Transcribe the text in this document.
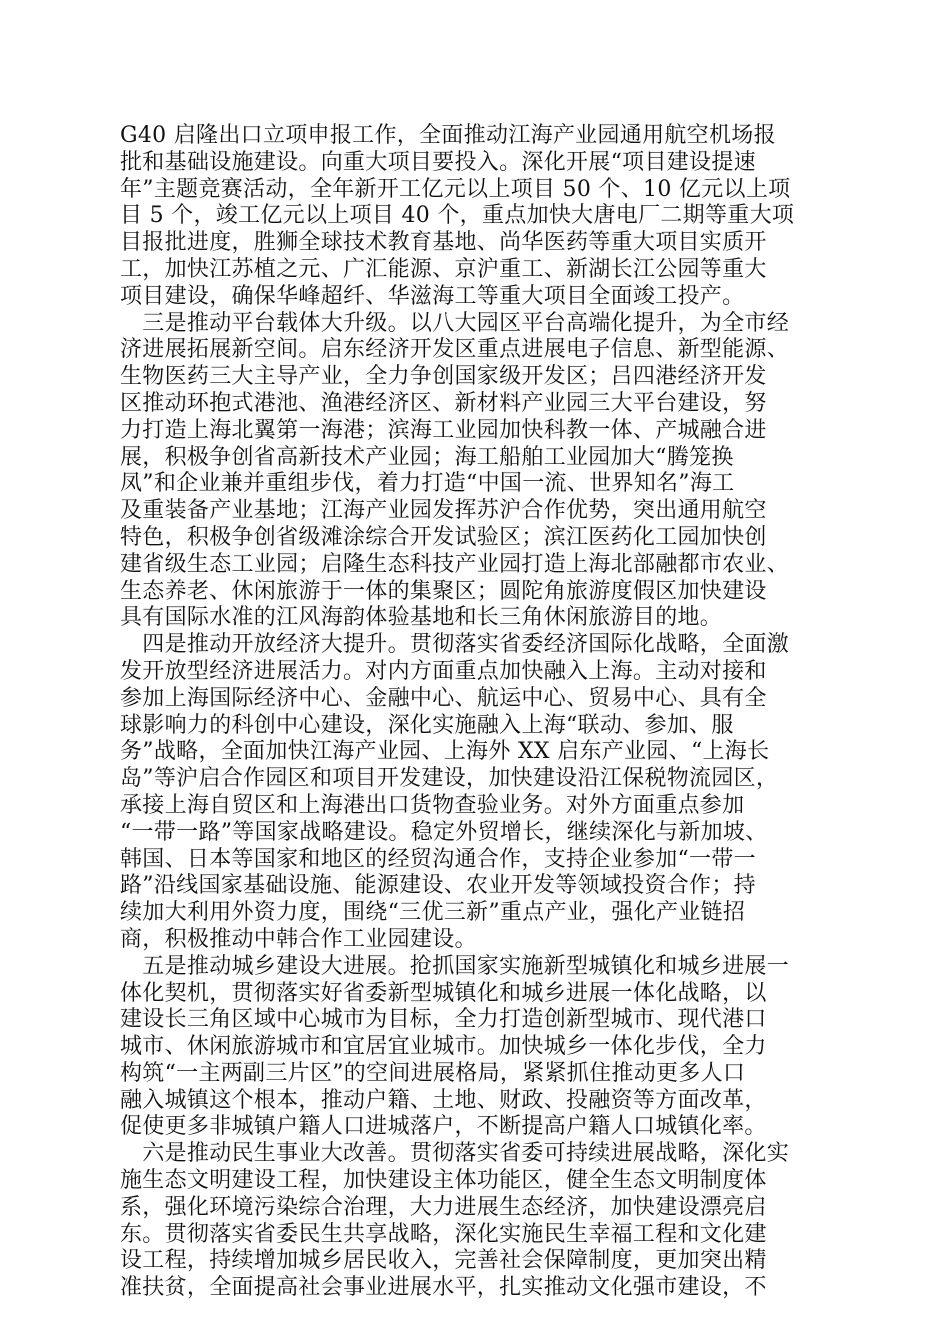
G40 启隆出口立项申报工作，全面推动江海产业园通用航空机场报
批和基础设施建设。向重大项目要投入。深化开展“项目建设提速
年”主题竞赛活动，全年新开工亿元以上项目 50 个、10 亿元以上项
目 5 个，竣工亿元以上项目 40 个，重点加快大唐电厂二期等重大项
目报批进度，胜狮全球技术教育基地、尚华医药等重大项目实质开
工，加快江苏植之元、广汇能源、京沪重工、新湖长江公园等重大
项目建设，确保华峰超纤、华滋海工等重大项目全面竣工投产。
　三是推动平台载体大升级。以八大园区平台高端化提升，为全市经
济进展拓展新空间。启东经济开发区重点进展电子信息、新型能源、
生物医药三大主导产业，全力争创国家级开发区；吕四港经济开发
区推动环抱式港池、渔港经济区、新材料产业园三大平台建设，努
力打造上海北翼第一海港；滨海工业园加快科教一体、产城融合进
展，积极争创省高新技术产业园；海工船舶工业园加大“腾笼换
凤”和企业兼并重组步伐，着力打造“中国一流、世界知名”海工
及重装备产业基地；江海产业园发挥苏沪合作优势，突出通用航空
特色，积极争创省级滩涂综合开发试验区；滨江医药化工园加快创
建省级生态工业园；启隆生态科技产业园打造上海北部融都市农业、
生态养老、休闲旅游于一体的集聚区；圆陀角旅游度假区加快建设
具有国际水准的江风海韵体验基地和长三角休闲旅游目的地。
　四是推动开放经济大提升。贯彻落实省委经济国际化战略，全面激
发开放型经济进展活力。对内方面重点加快融入上海。主动对接和
参加上海国际经济中心、金融中心、航运中心、贸易中心、具有全
球影响力的科创中心建设，深化实施融入上海“联动、参加、服
务”战略，全面加快江海产业园、上海外 XX 启东产业园、“上海长
岛”等沪启合作园区和项目开发建设，加快建设沿江保税物流园区，
承接上海自贸区和上海港出口货物查验业务。对外方面重点参加
“一带一路”等国家战略建设。稳定外贸增长，继续深化与新加坡、
韩国、日本等国家和地区的经贸沟通合作，支持企业参加“一带一
路”沿线国家基础设施、能源建设、农业开发等领域投资合作；持
续加大利用外资力度，围绕“三优三新”重点产业，强化产业链招
商，积极推动中韩合作工业园建设。
　五是推动城乡建设大进展。抢抓国家实施新型城镇化和城乡进展一
体化契机，贯彻落实好省委新型城镇化和城乡进展一体化战略，以
建设长三角区域中心城市为目标，全力打造创新型城市、现代港口
城市、休闲旅游城市和宜居宜业城市。加快城乡一体化步伐，全力
构筑“一主两副三片区”的空间进展格局，紧紧抓住推动更多人口
融入城镇这个根本，推动户籍、土地、财政、投融资等方面改革，
促使更多非城镇户籍人口进城落户，不断提高户籍人口城镇化率。
　六是推动民生事业大改善。贯彻落实省委可持续进展战略，深化实
施生态文明建设工程，加快建设主体功能区，健全生态文明制度体
系，强化环境污染综合治理，大力进展生态经济，加快建设漂亮启
东。贯彻落实省委民生共享战略，深化实施民生幸福工程和文化建
设工程，持续增加城乡居民收入，完善社会保障制度，更加突出精
准扶贫，全面提高社会事业进展水平，扎实推动文化强市建设，不
